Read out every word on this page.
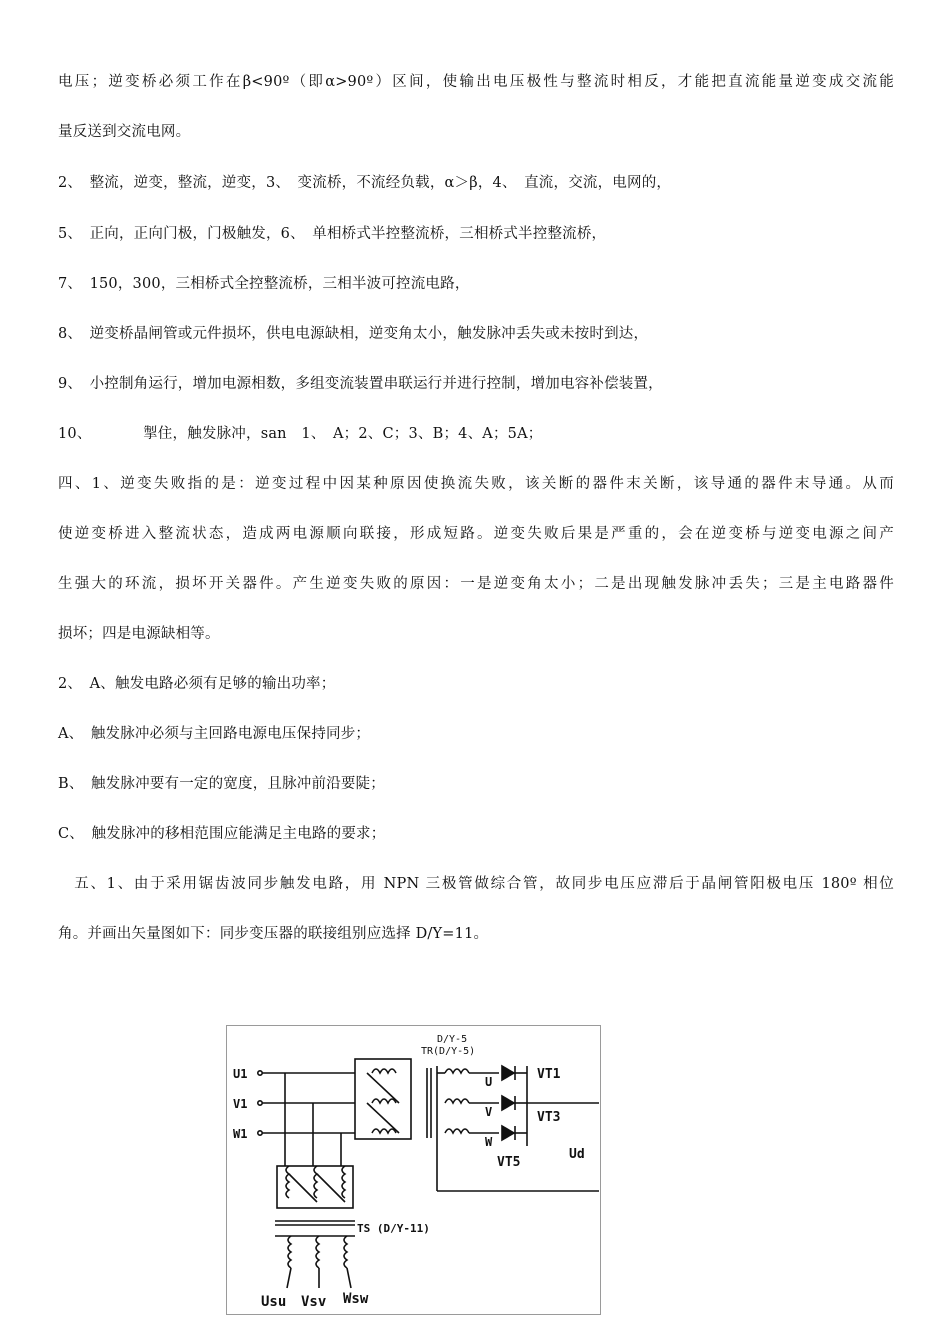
电压；逆变桥必须工作在β<90º（即α>90º）区间，使输出电压极性与整流时相反，才能把直流能量逆变成交流能
量反送到交流电网。
2、　整流，逆变，整流，逆变，3、　变流桥，不流经负载，α＞β，4、　直流，交流，电网的，
5、　正向，正向门极，门极触发，6、　单相桥式半控整流桥，三相桥式半控整流桥，
7、　150，300，三相桥式全控整流桥，三相半波可控流电路，
8、　逆变桥晶闸管或元件损坏，供电电源缺相，逆变角太小，触发脉冲丢失或未按时到达，
9、　小控制角运行，增加电源相数，多组变流装置串联运行并进行控制，增加电容补偿装置，
10、　　　　掣住，触发脉冲，san　1、　A；2、C；3、B；4、A；5A；
四、1、逆变失败指的是：逆变过程中因某种原因使换流失败，该关断的器件末关断，该导通的器件末导通。从而
使逆变桥进入整流状态，造成两电源顺向联接，形成短路。逆变失败后果是严重的，会在逆变桥与逆变电源之间产
生强大的环流，损坏开关器件。产生逆变失败的原因：一是逆变角太小；二是出现触发脉冲丢失；三是主电路器件
损坏；四是电源缺相等。
2、　A、触发电路必须有足够的输出功率；
A、　触发脉冲必须与主回路电源电压保持同步；
B、　触发脉冲要有一定的宽度，且脉冲前沿要陡；
C、　触发脉冲的移相范围应能满足主电路的要求；
　五、1、由于采用锯齿波同步触发电路，用 NPN 三极管做综合管，故同步电压应滞后于晶闸管阳极电压 180º 相位
角。并画出矢量图如下：同步变压器的联接组别应选择 D/Y=11。
U1
V1
W1
D/Y-5
TR(D/Y-5)
U
V
W
VT1
VT3
VT5
Ud
TS (D/Y-11)
Usu Vsv Wsw
